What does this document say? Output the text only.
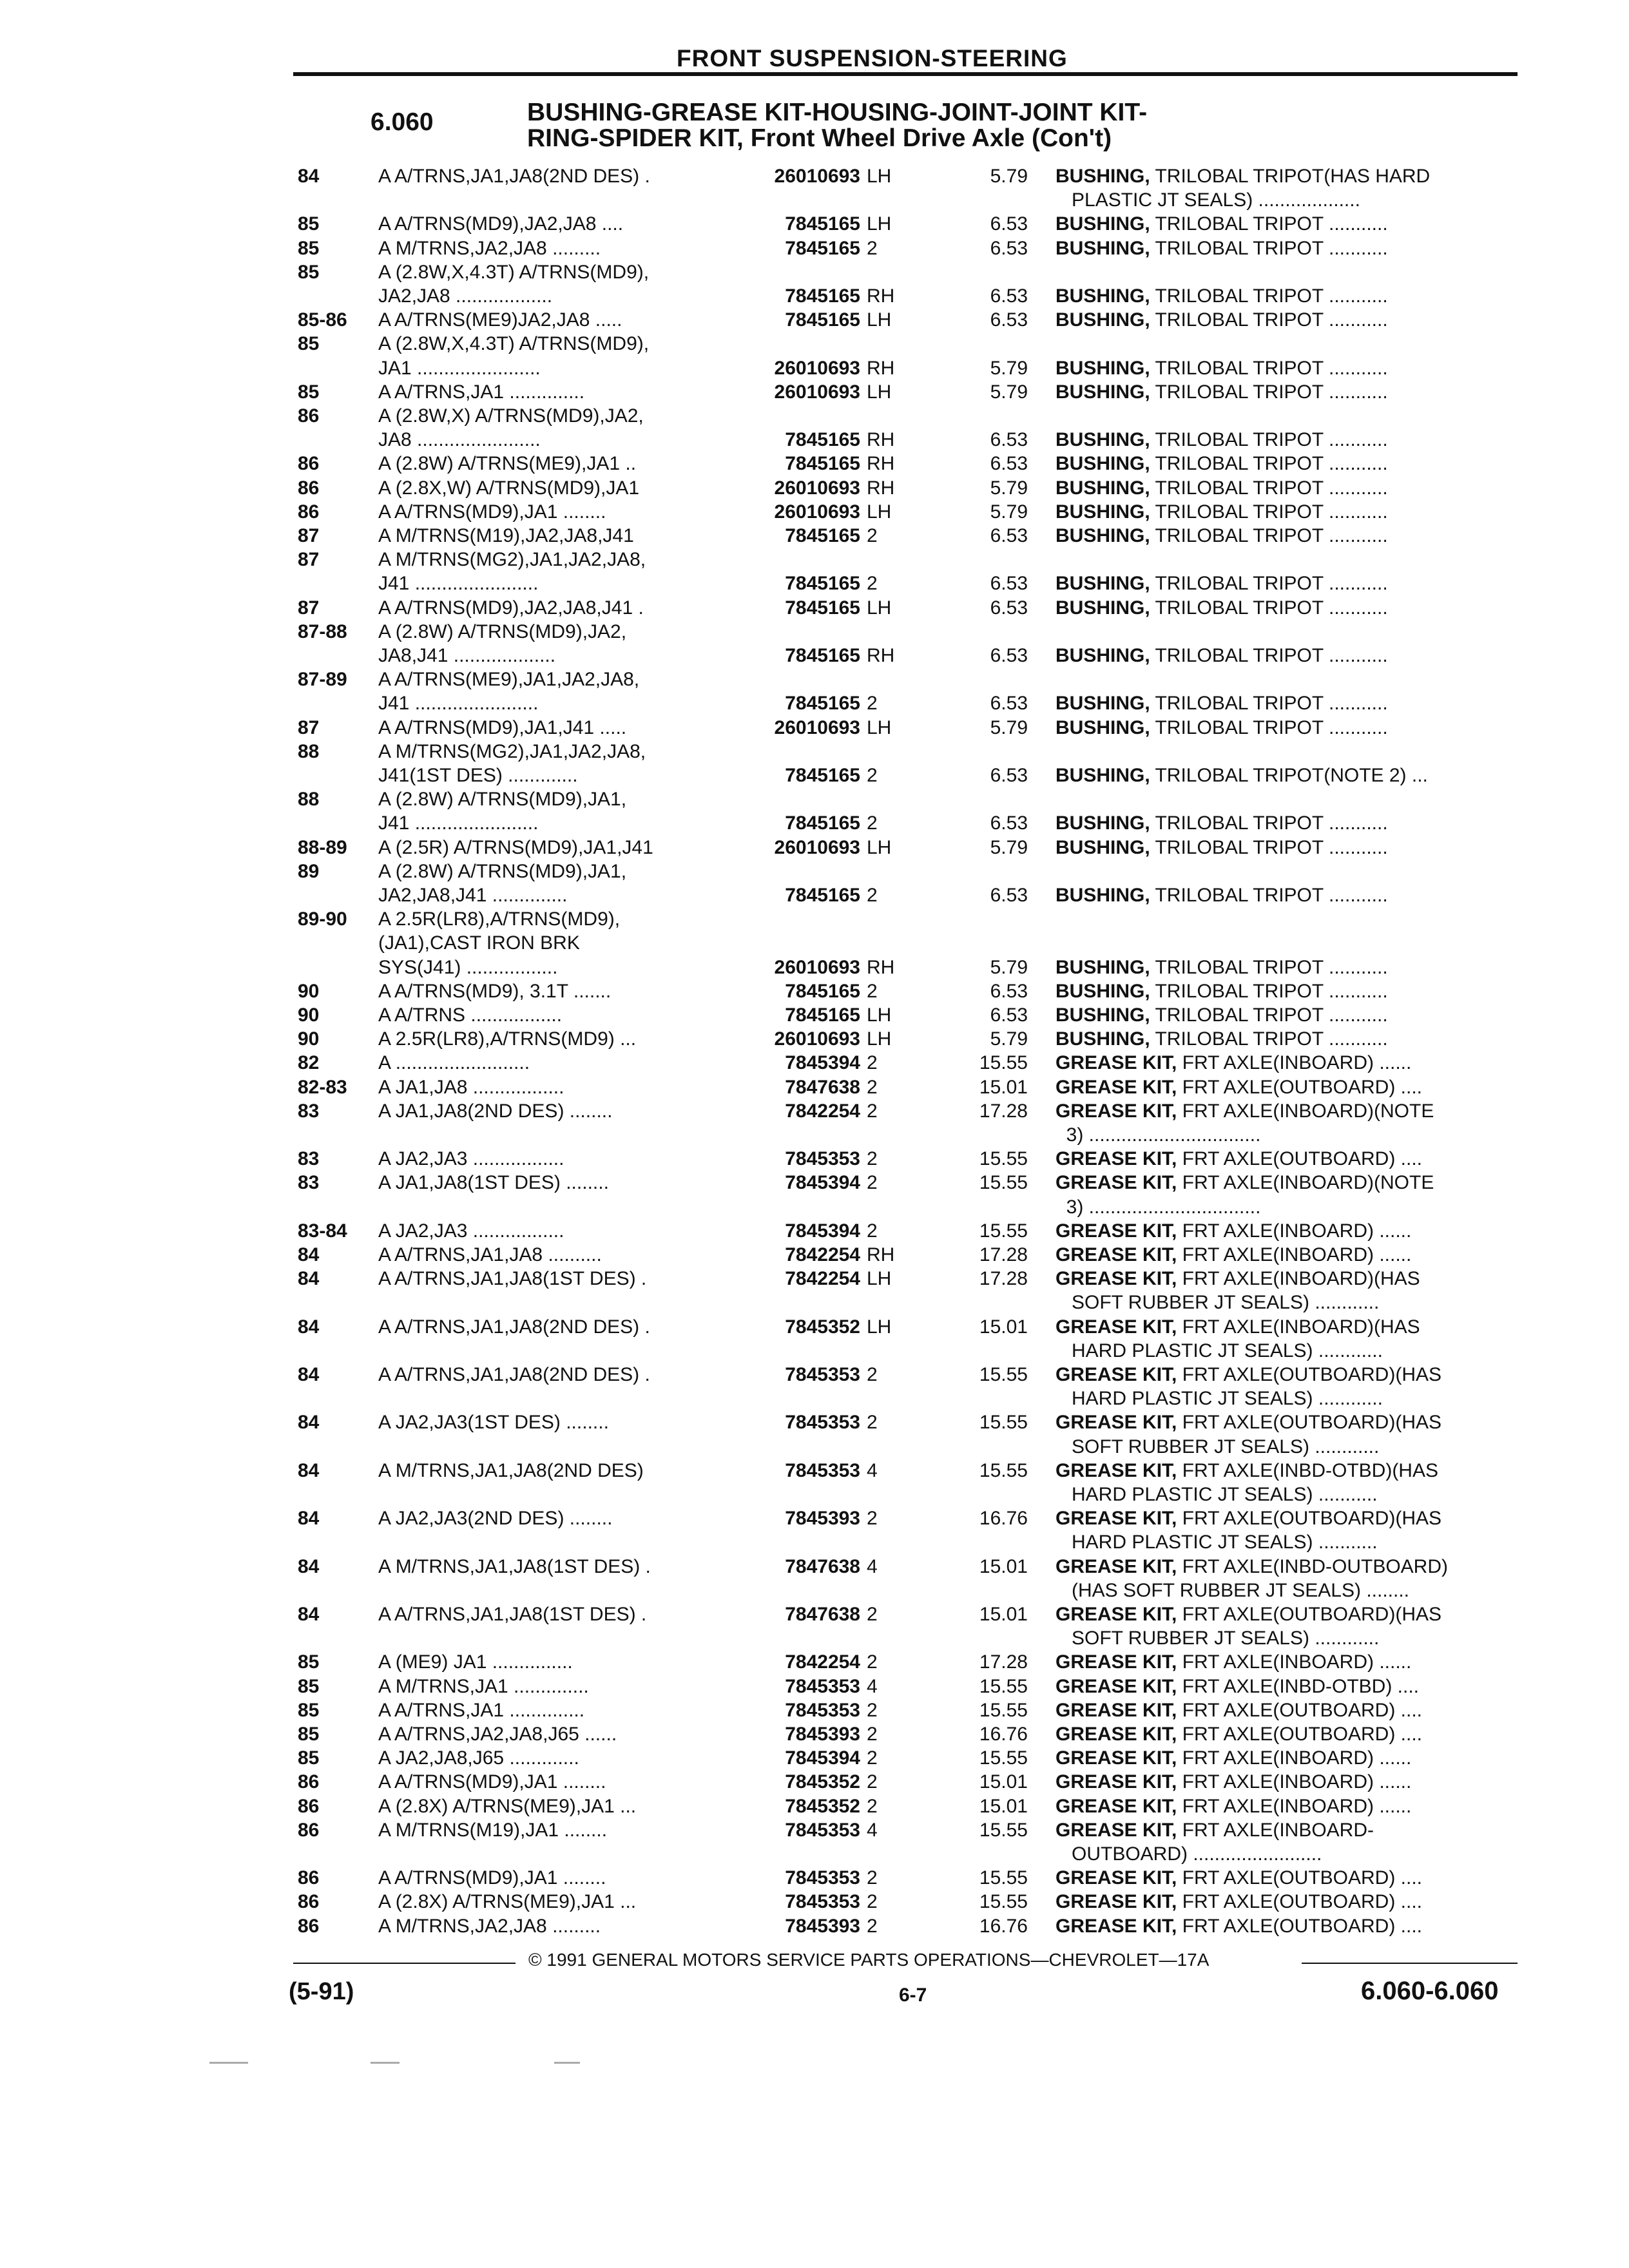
FRONT SUSPENSION-STEERING
6.060	BUSHING-GREASE KIT-HOUSING-JOINT-JOINT KIT-
RING-SPIDER KIT, Front Wheel Drive Axle (Con't)
84	A A/TRNS,JA1,JA8(2ND DES) .	26010693 LH	5.79 BUSHING, TRILOBAL TRIPOT(HAS HARD
PLASTIC JT SEALS) ...................
85	A A/TRNS(MD9),JA2,JA8 ....	7845165 LH	6.53 BUSHING, TRILOBAL TRIPOT ...........
85	A M/TRNS,JA2,JA8 .........	7845165 2	6.53 BUSHING, TRILOBAL TRIPOT ...........
85	A (2.8W,X,4.3T) A/TRNS(MD9),
JA2,JA8 ..................	7845165 RH	6.53 BUSHING, TRILOBAL TRIPOT ...........
85-86	A A/TRNS(ME9)JA2,JA8 .....	7845165 LH	6.53 BUSHING, TRILOBAL TRIPOT ...........
85	A (2.8W,X,4.3T) A/TRNS(MD9),
JA1 .......................	26010693 RH	5.79 BUSHING, TRILOBAL TRIPOT ...........
85	A A/TRNS,JA1 ..............	26010693 LH	5.79 BUSHING, TRILOBAL TRIPOT ...........
86	A (2.8W,X) A/TRNS(MD9),JA2,
JA8 .......................	7845165 RH	6.53 BUSHING, TRILOBAL TRIPOT ...........
86	A (2.8W) A/TRNS(ME9),JA1 ..	7845165 RH	6.53 BUSHING, TRILOBAL TRIPOT ...........
86	A (2.8X,W) A/TRNS(MD9),JA1	26010693 RH	5.79 BUSHING, TRILOBAL TRIPOT ...........
86	A A/TRNS(MD9),JA1 ........	26010693 LH	5.79 BUSHING, TRILOBAL TRIPOT ...........
87	A M/TRNS(M19),JA2,JA8,J41	7845165 2	6.53 BUSHING, TRILOBAL TRIPOT ...........
87	A M/TRNS(MG2),JA1,JA2,JA8,
J41 .......................	7845165 2	6.53 BUSHING, TRILOBAL TRIPOT ...........
87	A A/TRNS(MD9),JA2,JA8,J41 .	7845165 LH	6.53 BUSHING, TRILOBAL TRIPOT ...........
87-88	A (2.8W) A/TRNS(MD9),JA2,
JA8,J41 ...................	7845165 RH	6.53 BUSHING, TRILOBAL TRIPOT ...........
87-89	A A/TRNS(ME9),JA1,JA2,JA8,
J41 .......................	7845165 2	6.53 BUSHING, TRILOBAL TRIPOT ...........
87	A A/TRNS(MD9),JA1,J41 .....	26010693 LH	5.79 BUSHING, TRILOBAL TRIPOT ...........
88	A M/TRNS(MG2),JA1,JA2,JA8,
J41(1ST DES) .............	7845165 2	6.53 BUSHING, TRILOBAL TRIPOT(NOTE 2) ...
88	A (2.8W) A/TRNS(MD9),JA1,
J41 .......................	7845165 2	6.53 BUSHING, TRILOBAL TRIPOT ...........
88-89	A (2.5R) A/TRNS(MD9),JA1,J41	26010693 LH	5.79 BUSHING, TRILOBAL TRIPOT ...........
89	A (2.8W) A/TRNS(MD9),JA1,
JA2,JA8,J41 ..............	7845165 2	6.53 BUSHING, TRILOBAL TRIPOT ...........
89-90	A 2.5R(LR8),A/TRNS(MD9),
(JA1),CAST IRON BRK
SYS(J41) .................	26010693 RH	5.79 BUSHING, TRILOBAL TRIPOT ...........
90	A A/TRNS(MD9), 3.1T .......	7845165 2	6.53 BUSHING, TRILOBAL TRIPOT ...........
90	A A/TRNS .................	7845165 LH	6.53 BUSHING, TRILOBAL TRIPOT ...........
90	A 2.5R(LR8),A/TRNS(MD9) ...	26010693 LH	5.79 BUSHING, TRILOBAL TRIPOT ...........
82	A .........................	7845394 2	15.55 GREASE KIT, FRT AXLE(INBOARD) ......
82-83	A JA1,JA8 .................	7847638 2	15.01 GREASE KIT, FRT AXLE(OUTBOARD) ....
83	A JA1,JA8(2ND DES) ........	7842254 2	17.28 GREASE KIT, FRT AXLE(INBOARD)(NOTE
3) ................................
83	A JA2,JA3 .................	7845353 2	15.55 GREASE KIT, FRT AXLE(OUTBOARD) ....
83	A JA1,JA8(1ST DES) ........	7845394 2	15.55 GREASE KIT, FRT AXLE(INBOARD)(NOTE
3) ................................
83-84	A JA2,JA3 .................	7845394 2	15.55 GREASE KIT, FRT AXLE(INBOARD) ......
84	A A/TRNS,JA1,JA8 ..........	7842254 RH	17.28 GREASE KIT, FRT AXLE(INBOARD) ......
84	A A/TRNS,JA1,JA8(1ST DES) .	7842254 LH	17.28 GREASE KIT, FRT AXLE(INBOARD)(HAS
SOFT RUBBER JT SEALS) ............
84	A A/TRNS,JA1,JA8(2ND DES) .	7845352 LH	15.01 GREASE KIT, FRT AXLE(INBOARD)(HAS
HARD PLASTIC JT SEALS) ............
84	A A/TRNS,JA1,JA8(2ND DES) .	7845353 2	15.55 GREASE KIT, FRT AXLE(OUTBOARD)(HAS
HARD PLASTIC JT SEALS) ............
84	A JA2,JA3(1ST DES) ........	7845353 2	15.55 GREASE KIT, FRT AXLE(OUTBOARD)(HAS
SOFT RUBBER JT SEALS) ............
84	A M/TRNS,JA1,JA8(2ND DES)	7845353 4	15.55 GREASE KIT, FRT AXLE(INBD-OTBD)(HAS
HARD PLASTIC JT SEALS) ...........
84	A JA2,JA3(2ND DES) ........	7845393 2	16.76 GREASE KIT, FRT AXLE(OUTBOARD)(HAS
HARD PLASTIC JT SEALS) ...........
84	A M/TRNS,JA1,JA8(1ST DES) .	7847638 4	15.01 GREASE KIT, FRT AXLE(INBD-OUTBOARD)
(HAS SOFT RUBBER JT SEALS) ........
84	A A/TRNS,JA1,JA8(1ST DES) .	7847638 2	15.01 GREASE KIT, FRT AXLE(OUTBOARD)(HAS
SOFT RUBBER JT SEALS) ............
85	A (ME9) JA1 ...............	7842254 2	17.28 GREASE KIT, FRT AXLE(INBOARD) ......
85	A M/TRNS,JA1 ..............	7845353 4	15.55 GREASE KIT, FRT AXLE(INBD-OTBD) ....
85	A A/TRNS,JA1 ..............	7845353 2	15.55 GREASE KIT, FRT AXLE(OUTBOARD) ....
85	A A/TRNS,JA2,JA8,J65 ......	7845393 2	16.76 GREASE KIT, FRT AXLE(OUTBOARD) ....
85	A JA2,JA8,J65 .............	7845394 2	15.55 GREASE KIT, FRT AXLE(INBOARD) ......
86	A A/TRNS(MD9),JA1 ........	7845352 2	15.01 GREASE KIT, FRT AXLE(INBOARD) ......
86	A (2.8X) A/TRNS(ME9),JA1 ...	7845352 2	15.01 GREASE KIT, FRT AXLE(INBOARD) ......
86	A M/TRNS(M19),JA1 ........	7845353 4	15.55 GREASE KIT, FRT AXLE(INBOARD-
OUTBOARD) ........................
86	A A/TRNS(MD9),JA1 ........	7845353 2	15.55 GREASE KIT, FRT AXLE(OUTBOARD) ....
86	A (2.8X) A/TRNS(ME9),JA1 ...	7845353 2	15.55 GREASE KIT, FRT AXLE(OUTBOARD) ....
86	A M/TRNS,JA2,JA8 .........	7845393 2	16.76 GREASE KIT, FRT AXLE(OUTBOARD) ....
© 1991 GENERAL MOTORS SERVICE PARTS OPERATIONS—CHEVROLET—17A
(5-91)	6-7	6.060-6.060
